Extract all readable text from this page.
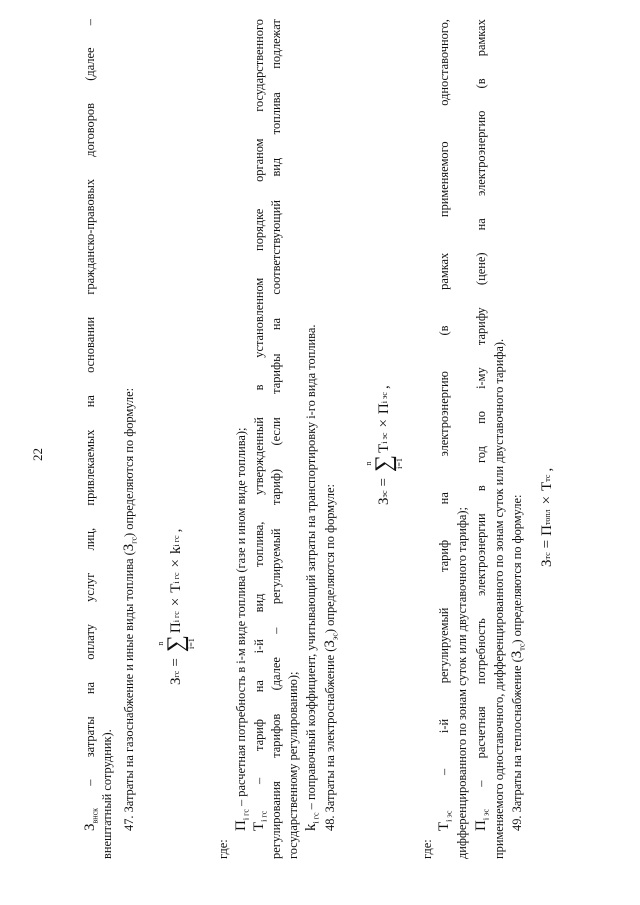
22
$З_{внск}$
–
затраты
на
оплату
услуг
лиц,
привлекаемых
на
основании
гражданско-правовых
договоров
(далее
–
внештатный сотрудник). 47. Затраты на газоснабжение и иные виды топлива $(З_{гс})$ определяются по формуле:
З
гс
=
n
∑
i=1
П
i гс
×
Т
i гс
×
k
i гс
,
где:
$П_{i гс}$ – расчетная потребность в i-м виде топлива (газе и ином виде топлива);
$Т_{i гс}$
–
тариф
на
i-й
вид
топлива,
утвержденный
в
установленном
порядке
органом
государственного
регулирования
тарифов
(далее
–
регулируемый
тариф)
(если
тарифы
на
соответствующий
вид
топлива
подлежат
государственному регулированию); $k_{i гс}$ – поправочный коэффициент, учитывающий затраты на транспортировку i-го вида топлива. 48. Затраты на электроснабжение $(З_{эс})$ определяются по формуле:	З
эс
=
n
∑
i=1
Т
i эс
×
П
i эс
,
где:
$Т_{i эс}$
–
i-й
регулируемый
тариф
на
электроэнергию
(в
рамках
применяемого
одноставочного,
дифференцированного по зонам суток или двуставочного тарифа); $П_{i эс}$
–
расчетная
потребность
электроэнергии
в
год
по
i-му
тарифу
(цене)
на
электроэнергию
(в
рамках
применяемого одноставочного, дифференцированного по зонам суток или двуставочного тарифа). 49. Затраты на теплоснабжение $(З_{тс})$ определяются по формуле:	З
тс
=
П
топл
×
Т
тс
,
